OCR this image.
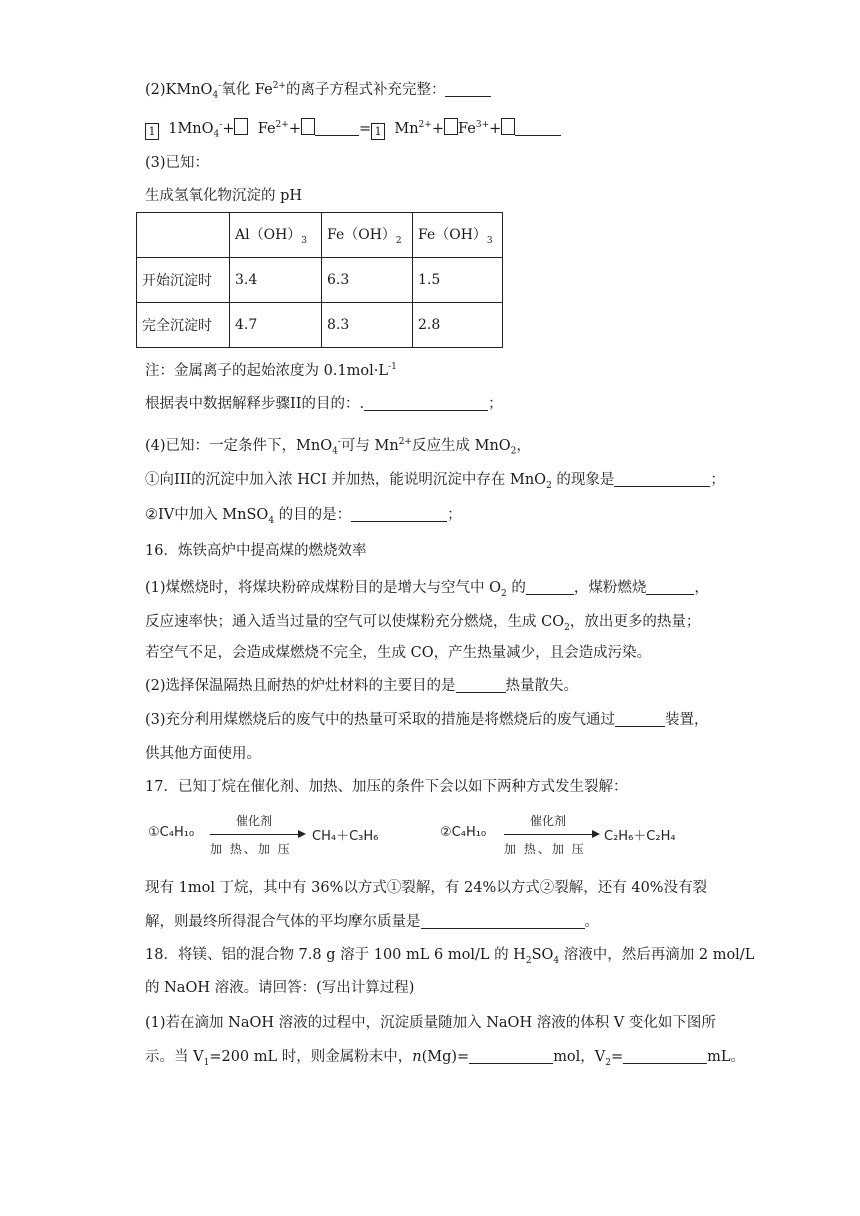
(2)KMnO$_4$-氧化 $Fe^{2+}$的离子方程式补充完整：
1 $1MnO_4^-+ Fe^{2+}+$	= 1 $Mn^{2+}+ Fe^{3+}+$
(3)已知：
生成氢氧化物沉淀的 pH
	$Al(OH)_3$	$Fe(OH)_2$	$Fe(OH)_3$
开始沉淀时	3.4	6.3	1.5
完全沉淀时	4.7	8.3	2.8
注：金属离子的起始浓度为 $0.1mol\cdot L^{-1}$
根据表中数据解释步骤II的目的：.	；
(4)已知：一定条件下，MnO$_4$-可与 $Mn^{2+}$反应生成 MnO$_2$，
①向III的沉淀中加入浓 HCI 并加热，能说明沉淀中存在 MnO$_2$ 的现象是	；
②IV中加入 MnSO$_4$ 的目的是：	；
16．炼铁高炉中提高煤的燃烧效率
(1)煤燃烧时，将煤块粉碎成煤粉目的是增大与空气中 $O_2$ 的	，煤粉燃烧	，
反应速率快；通入适当过量的空气可以使煤粉充分燃烧，生成 $CO_2$，放出更多的热量；
若空气不足，会造成煤燃烧不完全，生成 CO，产生热量减少，且会造成污染。
(2)选择保温隔热且耐热的炉灶材料的主要目的是	热量散失。
(3)充分利用煤燃烧后的废气中的热量可采取的措施是将燃烧后的废气通过	装置，
供其他方面使用。
17．已知丁烷在催化剂、加热、加压的条件下会以如下两种方式发生裂解：
①C₄H₁₀
催化剂
加 热、加 压
CH₄＋C₃H₆	②C₄H₁₀
催化剂
加 热、加 压
C₂H₆＋C₂H₄
现有 1mol 丁烷，其中有 36%以方式①裂解，有 24%以方式②裂解，还有 40%没有裂
解，则最终所得混合气体的平均摩尔质量是	。
18．将镁、铝的混合物 7.8 g 溶于 100 mL 6 mol/L 的 $H_2SO_4$ 溶液中，然后再滴加 2 mol/L
的 NaOH 溶液。请回答：(写出计算过程)
(1)若在滴加 NaOH 溶液的过程中，沉淀质量随加入 NaOH 溶液的体积 V 变化如下图所
示。当 $V_1=200$ mL 时，则金属粉末中，n(Mg)=	mol，$V_2=$	mL。
